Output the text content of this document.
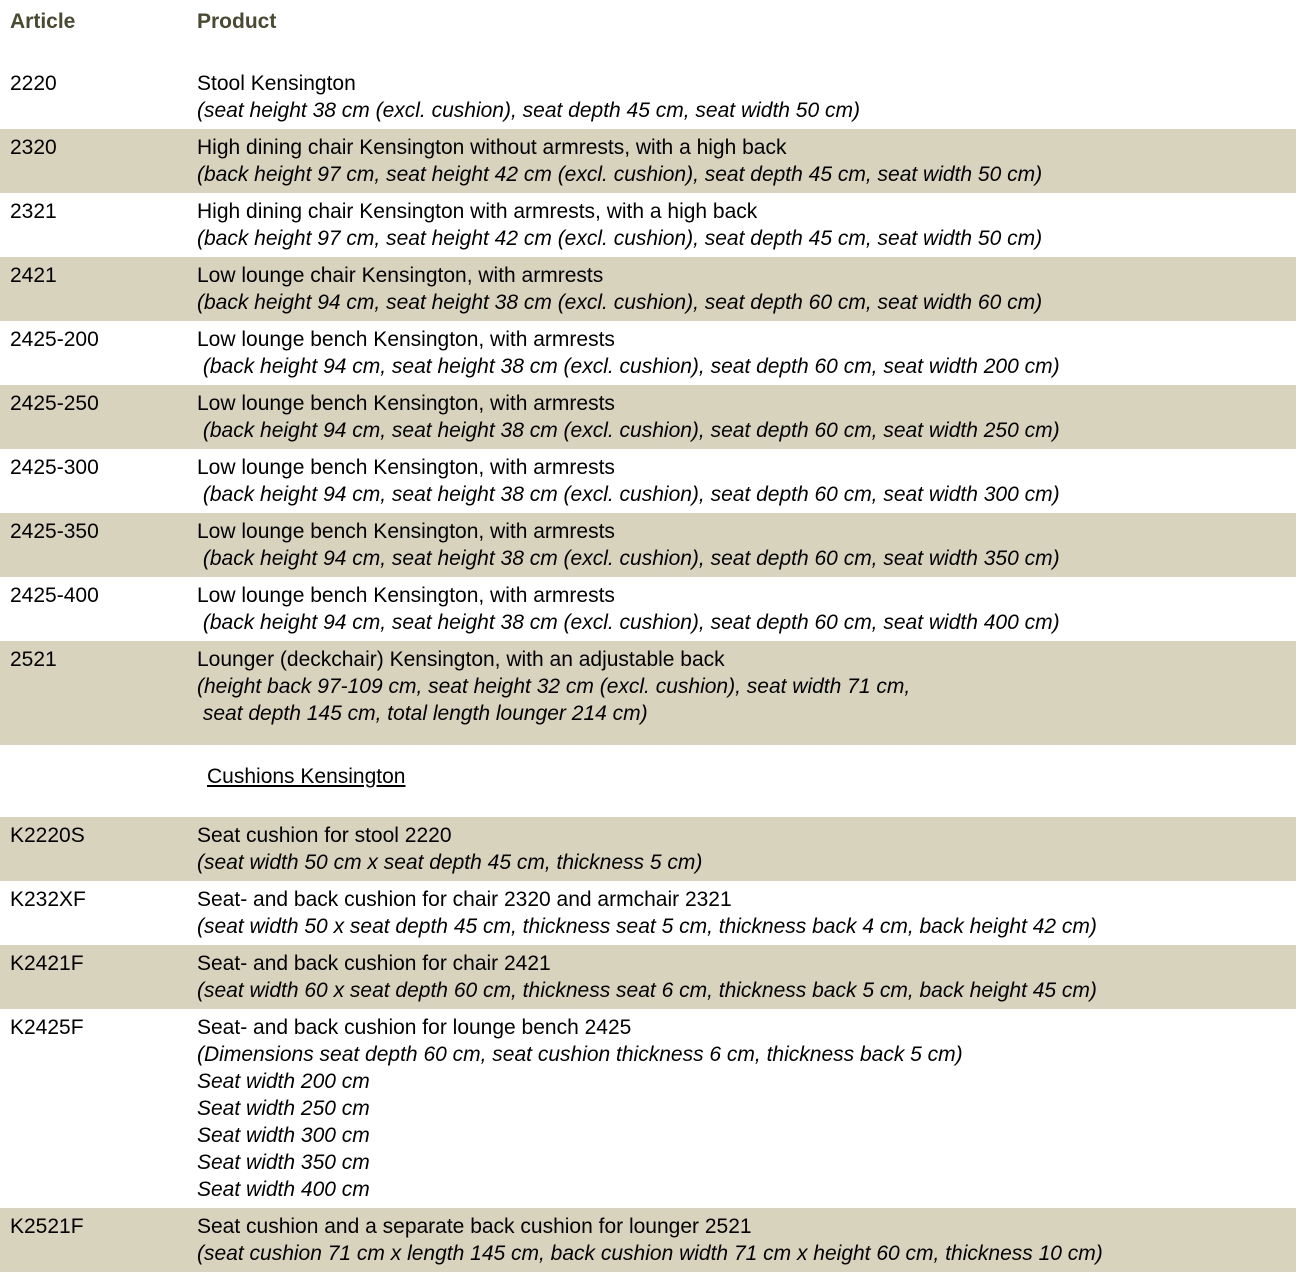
Article	Product
2220	Stool Kensington
(seat height 38 cm (excl. cushion), seat depth 45 cm, seat width 50 cm)
2320	High dining chair Kensington without armrests, with a high back
(back height 97 cm, seat height 42 cm (excl. cushion), seat depth 45 cm, seat width 50 cm)
2321	High dining chair Kensington with armrests, with a high back
(back height 97 cm, seat height 42 cm (excl. cushion), seat depth 45 cm, seat width 50 cm)
2421	Low lounge chair Kensington, with armrests
(back height 94 cm, seat height 38 cm (excl. cushion), seat depth 60 cm, seat width 60 cm)
2425-200	Low lounge bench Kensington, with armrests
(back height 94 cm, seat height 38 cm (excl. cushion), seat depth 60 cm, seat width 200 cm)
2425-250	Low lounge bench Kensington, with armrests
(back height 94 cm, seat height 38 cm (excl. cushion), seat depth 60 cm, seat width 250 cm)
2425-300	Low lounge bench Kensington, with armrests
(back height 94 cm, seat height 38 cm (excl. cushion), seat depth 60 cm, seat width 300 cm)
2425-350	Low lounge bench Kensington, with armrests
(back height 94 cm, seat height 38 cm (excl. cushion), seat depth 60 cm, seat width 350 cm)
2425-400	Low lounge bench Kensington, with armrests
(back height 94 cm, seat height 38 cm (excl. cushion), seat depth 60 cm, seat width 400 cm)
2521	Lounger (deckchair) Kensington, with an adjustable back
(height back 97-109 cm, seat height 32 cm (excl. cushion), seat width 71 cm,
seat depth 145 cm, total length lounger 214 cm)
Cushions Kensington
K2220S	Seat cushion for stool 2220
(seat width 50 cm x seat depth 45 cm, thickness 5 cm)
K232XF	Seat- and back cushion for chair 2320 and armchair 2321
(seat width 50 x seat depth 45 cm, thickness seat 5 cm, thickness back 4 cm, back height 42 cm)
K2421F	Seat- and back cushion for chair 2421
(seat width 60 x seat depth 60 cm, thickness seat 6 cm, thickness back 5 cm, back height 45 cm)
K2425F	Seat- and back cushion for lounge bench 2425
(Dimensions seat depth 60 cm, seat cushion thickness 6 cm, thickness back 5 cm)
Seat width 200 cm
Seat width 250 cm
Seat width 300 cm
Seat width 350 cm
Seat width 400 cm
K2521F	Seat cushion and a separate back cushion for lounger 2521
(seat cushion 71 cm x length 145 cm, back cushion width 71 cm x height 60 cm, thickness 10 cm)
